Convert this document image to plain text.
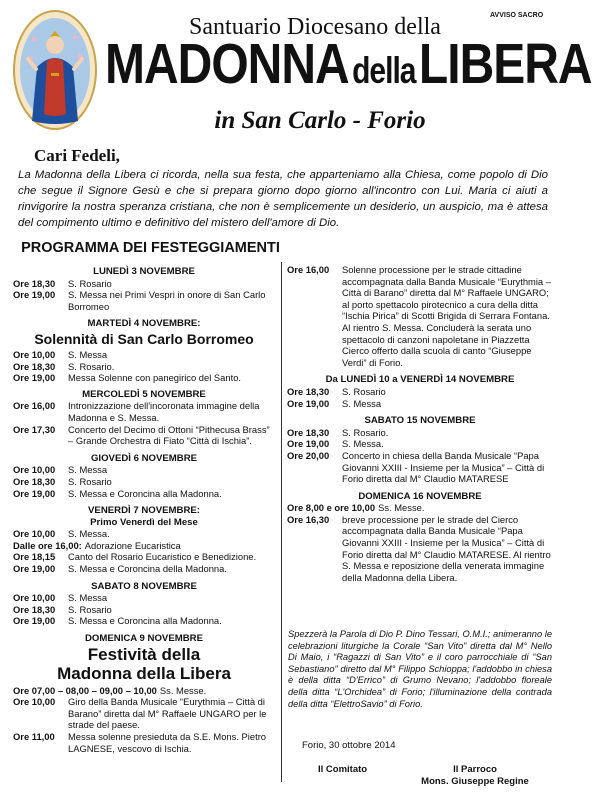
Santuario Diocesano della	AVVISO SACRO
MADONNA della LIBERA
in San Carlo - Forio
Cari Fedeli,
La Madonna della Libera ci ricorda, nella sua festa, che apparteniamo alla Chiesa, come popolo di Dio che segue il Signore Gesù e che si prepara giorno dopo giorno all'incontro con Lui. Maria ci aiuti a rinvigorire la nostra speranza cristiana, che non è semplicemente un desiderio, un auspicio, ma è attesa del compimento ultimo e definitivo del mistero dell'amore di Dio.
PROGRAMMA DEI FESTEGGIAMENTI
LUNEDÌ 3 NOVEMBRE
Ore 18,30	S. Rosario
Ore 19,00	S. Messa nei Primi Vespri in onore di San Carlo Borromeo
MARTEDÌ 4 NOVEMBRE:
Solennità di San Carlo Borromeo
Ore 10,00	S. Messa
Ore 18,30	S. Rosario.
Ore 19,00	Messa Solenne con panegirico del Santo.
MERCOLEDÌ 5 NOVEMBRE
Ore 16,00	Intronizzazione dell'incoronata immagine della Madonna e S. Messa.
Ore 17,30	Concerto del Decimo di Ottoni “Pithecusa Brass” – Grande Orchestra di Fiato “Città di Ischia”.
GIOVEDÌ 6 NOVEMBRE
Ore 10,00	S. Messa
Ore 18,30	S. Rosario
Ore 19,00	S. Messa e Coroncina alla Madonna.
VENERDÌ 7 NOVEMBRE:
Primo Venerdì del Mese
Ore 10,00	S. Messa.
Dalle ore 16,00: Adorazione Eucaristica
Ore 18,15	Canto del Rosario Eucaristico e Benedizione.
Ore 19,00	S. Messa e Coroncina della Madonna.
SABATO 8 NOVEMBRE
Ore 10,00	S. Messa
Ore 18,30	S. Rosario
Ore 19,00	S. Messa e Coroncina alla Madonna.
DOMENICA 9 NOVEMBRE
Festività della
Madonna della Libera
Ore 07,00 – 08,00 – 09,00 – 10,00 Ss. Messe.
Ore 10,00	Giro della Banda Musicale “Eurythmia – Città di Barano” diretta dal M° Raffaele UNGARO per le strade del paese.
Ore 11,00	Messa solenne presieduta da S.E. Mons. Pietro LAGNESE, vescovo di Ischia.
Ore 16,00	Solenne processione per le strade cittadine accompagnata dalla Banda Musicale “Eurythmia – Città di Barano” diretta dal M° Raffaele UNGARO; al porto spettacolo pirotecnico a cura della ditta “Ischia Pirica” di Scotti Brigida di Serrara Fontana.
Al rientro S. Messa. Concluderà la serata uno spettacolo di canzoni napoletane in Piazzetta Cierco offerto dalla scuola di canto “Giuseppe Verdi” di Forio.
Da LUNEDÌ 10 a VENERDÌ 14 NOVEMBRE
Ore 18,30	S. Rosario
Ore 19,00	S. Messa
SABATO 15 NOVEMBRE
Ore 18,30	S. Rosario.
Ore 19,00	S. Messa.
Ore 20,00	Concerto in chiesa della Banda Musicale “Papa Giovanni XXIII - Insieme per la Musica” – Città di Forio diretta dal M° Claudio MATARESE
DOMENICA 16 NOVEMBRE
Ore 8,00 e ore 10,00 Ss. Messe.
Ore 16,30	breve processione per le strade del Cierco accompagnata dalla Banda Musicale “Papa Giovanni XXIII - Insieme per la Musica” – Città di Forio diretta dal M° Claudio MATARESE. Al rientro S. Messa e reposizione della venerata immagine della Madonna della Libera.
Spezzerà la Parola di Dio P. Dino Tessari, O.M.I.; animeranno le celebrazioni liturgiche la Corale “San Vito” diretta dal M° Nello Di Maio, i “Ragazzi di San Vito” e il coro parrocchiale di “San Sebastiano” diretto dal M° Filippo Schioppa; l'addobbo in chiesa è della ditta “D'Errico” di Grumo Nevano; l'addobbo floreale della ditta “L'Orchidea” di Forio; l'illuminazione della contrada della ditta “ElettroSavio” di Forio.
Forio, 30 ottobre 2014
Il Comitato	Il Parroco
Mons. Giuseppe Regine
